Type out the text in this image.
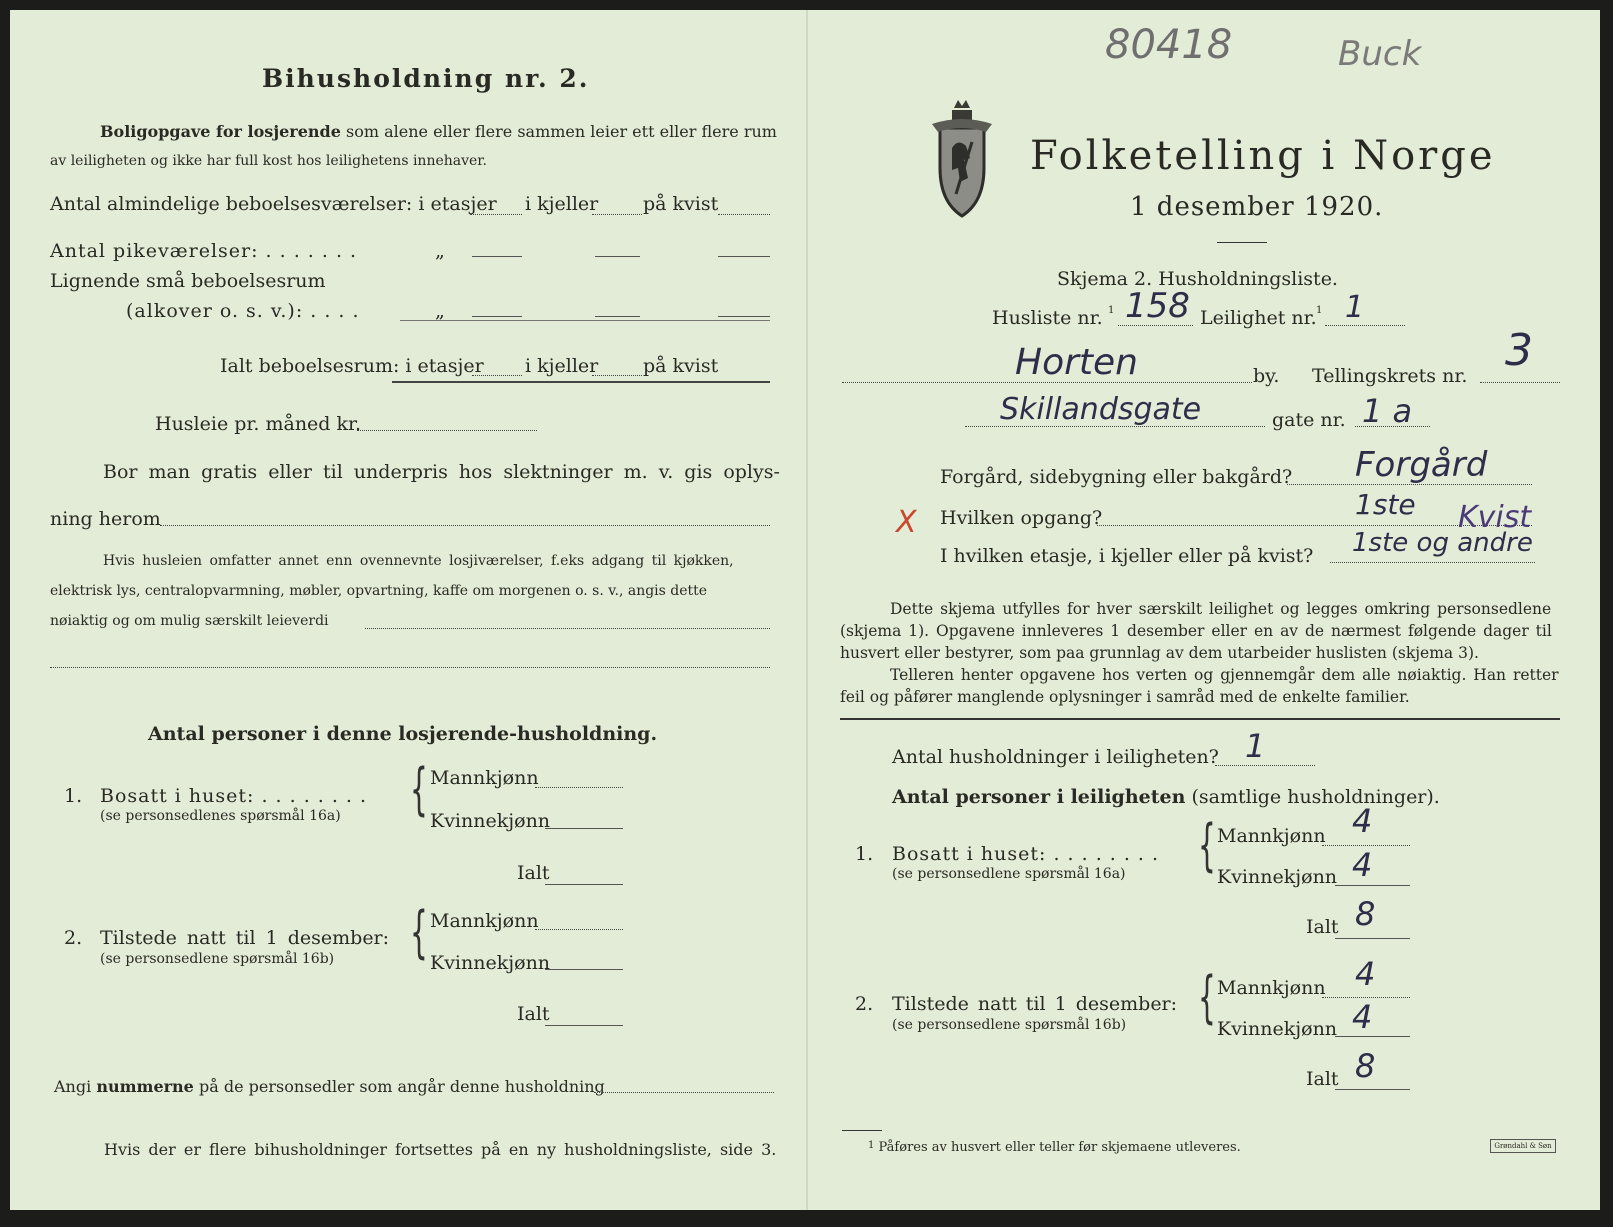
80418	Buck
Bihusholdning nr. 2.
Boligopgave for losjerende som alene eller flere sammen leier ett eller flere rum
av leiligheten og ikke har full kost hos leilighetens innehaver.
Antal almindelige beboelsesværelser: i etasjer i kjeller på kvist
Antal pikeværelser: . . . . . . .	„
Lignende små beboelsesrum
(alkover o. s. v.): . . . .	„
Ialt beboelsesrum: i etasjer i kjeller på kvist
Husleie pr. måned kr.
Bor man gratis eller til underpris hos slektninger m. v. gis oplys-
ning herom
Hvis husleien omfatter annet enn ovennevnte losjiværelser, f.eks adgang til kjøkken,
elektrisk lys, centralopvarmning, møbler, opvartning, kaffe om morgenen o. s. v., angis dette
nøiaktig og om mulig særskilt leieverdi
Antal personer i denne losjerende-husholdning.
1. Bosatt i huset: . . . . . . . .
(se personsedlenes spørsmål 16a) { Mannkjønn
Kvinnekjønn
Ialt
2. Tilstede natt til 1 desember:
(se personsedlene spørsmål 16b) { Mannkjønn
Kvinnekjønn
Ialt
Angi nummerne på de personsedler som angår denne husholdning
Hvis der er flere bihusholdninger fortsettes på en ny husholdningsliste, side 3.
Folketelling i Norge
1 desember 1920.
Skjema 2. Husholdningsliste.
Husliste nr. 1 158 Leilighet nr. 1 1
Horten	by. Tellingskrets nr. 3
Skillandsgate	gate nr. 1 a
Forgård, sidebygning eller bakgård? Forgård
X Hvilken opgang?	1ste
I hvilken etasje, i kjeller eller på kvist? 1ste og andre
Kvist
Dette skjema utfylles for hver særskilt leilighet og legges omkring personsedlene
(skjema 1). Opgavene innleveres 1 desember eller en av de nærmest følgende dager til
husvert eller bestyrer, som paa grunnlag av dem utarbeider huslisten (skjema 3).
Telleren henter opgavene hos verten og gjennemgår dem alle nøiaktig. Han retter
feil og påfører manglende oplysninger i samråd med de enkelte familier.
Antal husholdninger i leiligheten? 1
Antal personer i leiligheten (samtlige husholdninger).
1. Bosatt i huset: . . . . . . . .
(se personsedlene spørsmål 16a) { Mannkjønn 4
Kvinnekjønn 4
Ialt 8
2. Tilstede natt til 1 desember:
(se personsedlene spørsmål 16b) { Mannkjønn 4
Kvinnekjønn 4
Ialt 8
$^1$ Påføres av husvert eller teller før skjemaene utleveres.	Grøndahl & Søn
